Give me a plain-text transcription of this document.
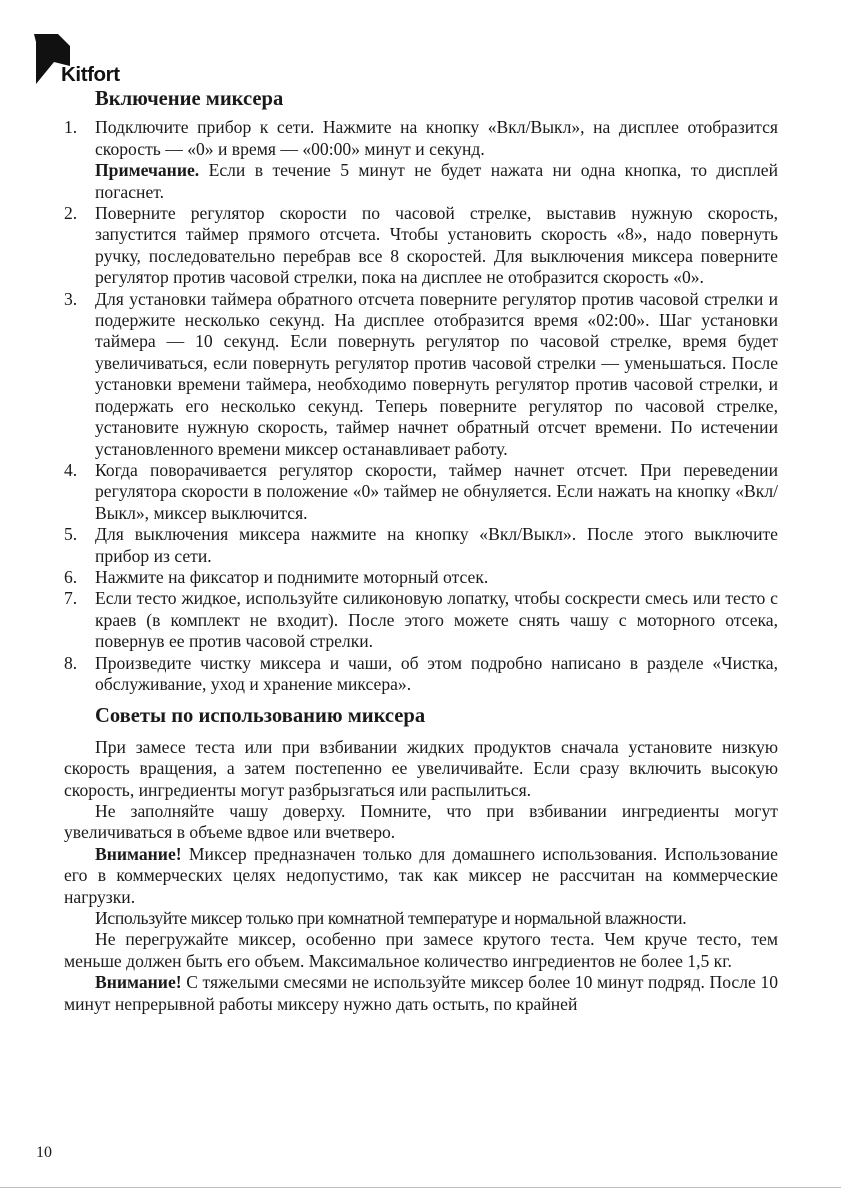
Kitfort
Включение миксера
1. Подключите прибор к сети. Нажмите на кнопку «Вкл/Выкл», на дисплее отобразится скорость — «0» и время — «00:00» минут и секунд.

Примечание. Если в течение 5 минут не будет нажата ни одна кнопка, то дисплей погаснет.

2. Поверните регулятор скорости по часовой стрелке, выставив нужную скорость, запустится таймер прямого отсчета. Чтобы установить скорость «8», надо повернуть ручку, последовательно перебрав все 8 скоростей. Для выключения миксера поверните регулятор против часовой стрелки, пока на дисплее не отобразится скорость «0».

3. Для установки таймера обратного отсчета поверните регулятор против часовой стрелки и подержите несколько секунд. На дисплее отобразится время «02:00». Шаг установки таймера — 10 секунд. Если повернуть регулятор по часовой стрелке, время будет увеличиваться, если повернуть регулятор против часовой стрелки — уменьшаться. После установки времени таймера, необходимо повернуть регулятор против часовой стрелки, и подержать его несколько секунд. Теперь поверните регулятор по часовой стрелке, установите нужную скорость, таймер начнет обратный отсчет времени. По истечении установленного времени миксер останавливает работу.

4. Когда поворачивается регулятор скорости, таймер начнет отсчет. При переведении регулятора скорости в положение «0» таймер не обнуляется. Если нажать на кнопку «Вкл/Выкл», миксер выключится.

5. Для выключения миксера нажмите на кнопку «Вкл/Выкл». После этого выключите прибор из сети.

6. Нажмите на фиксатор и поднимите моторный отсек.

7. Если тесто жидкое, используйте силиконовую лопатку, чтобы соскрести смесь или тесто с краев (в комплект не входит). После этого можете снять чашу с моторного отсека, повернув ее против часовой стрелки.

8. Произведите чистку миксера и чаши, об этом подробно написано в разделе «Чистка, обслуживание, уход и хранение миксера».

Советы по использованию миксера

При замесе теста или при взбивании жидких продуктов сначала установите низкую скорость вращения, а затем постепенно ее увеличивайте. Если сразу включить высокую скорость, ингредиенты могут разбрызгаться или распылиться.

Не заполняйте чашу доверху. Помните, что при взбивании ингредиенты могут увеличиваться в объеме вдвое или вчетверо.

Внимание! Миксер предназначен только для домашнего использования. Использование его в коммерческих целях недопустимо, так как миксер не рассчитан на коммерческие нагрузки.

Используйте миксер только при комнатной температуре и нормальной влажности.

Не перегружайте миксер, особенно при замесе крутого теста. Чем круче тесто, тем меньше должен быть его объем. Максимальное количество ингредиентов не более 1,5 кг.

Внимание! С тяжелыми смесями не используйте миксер более 10 минут подряд. После 10 минут непрерывной работы миксеру нужно дать остыть, по крайней

10
